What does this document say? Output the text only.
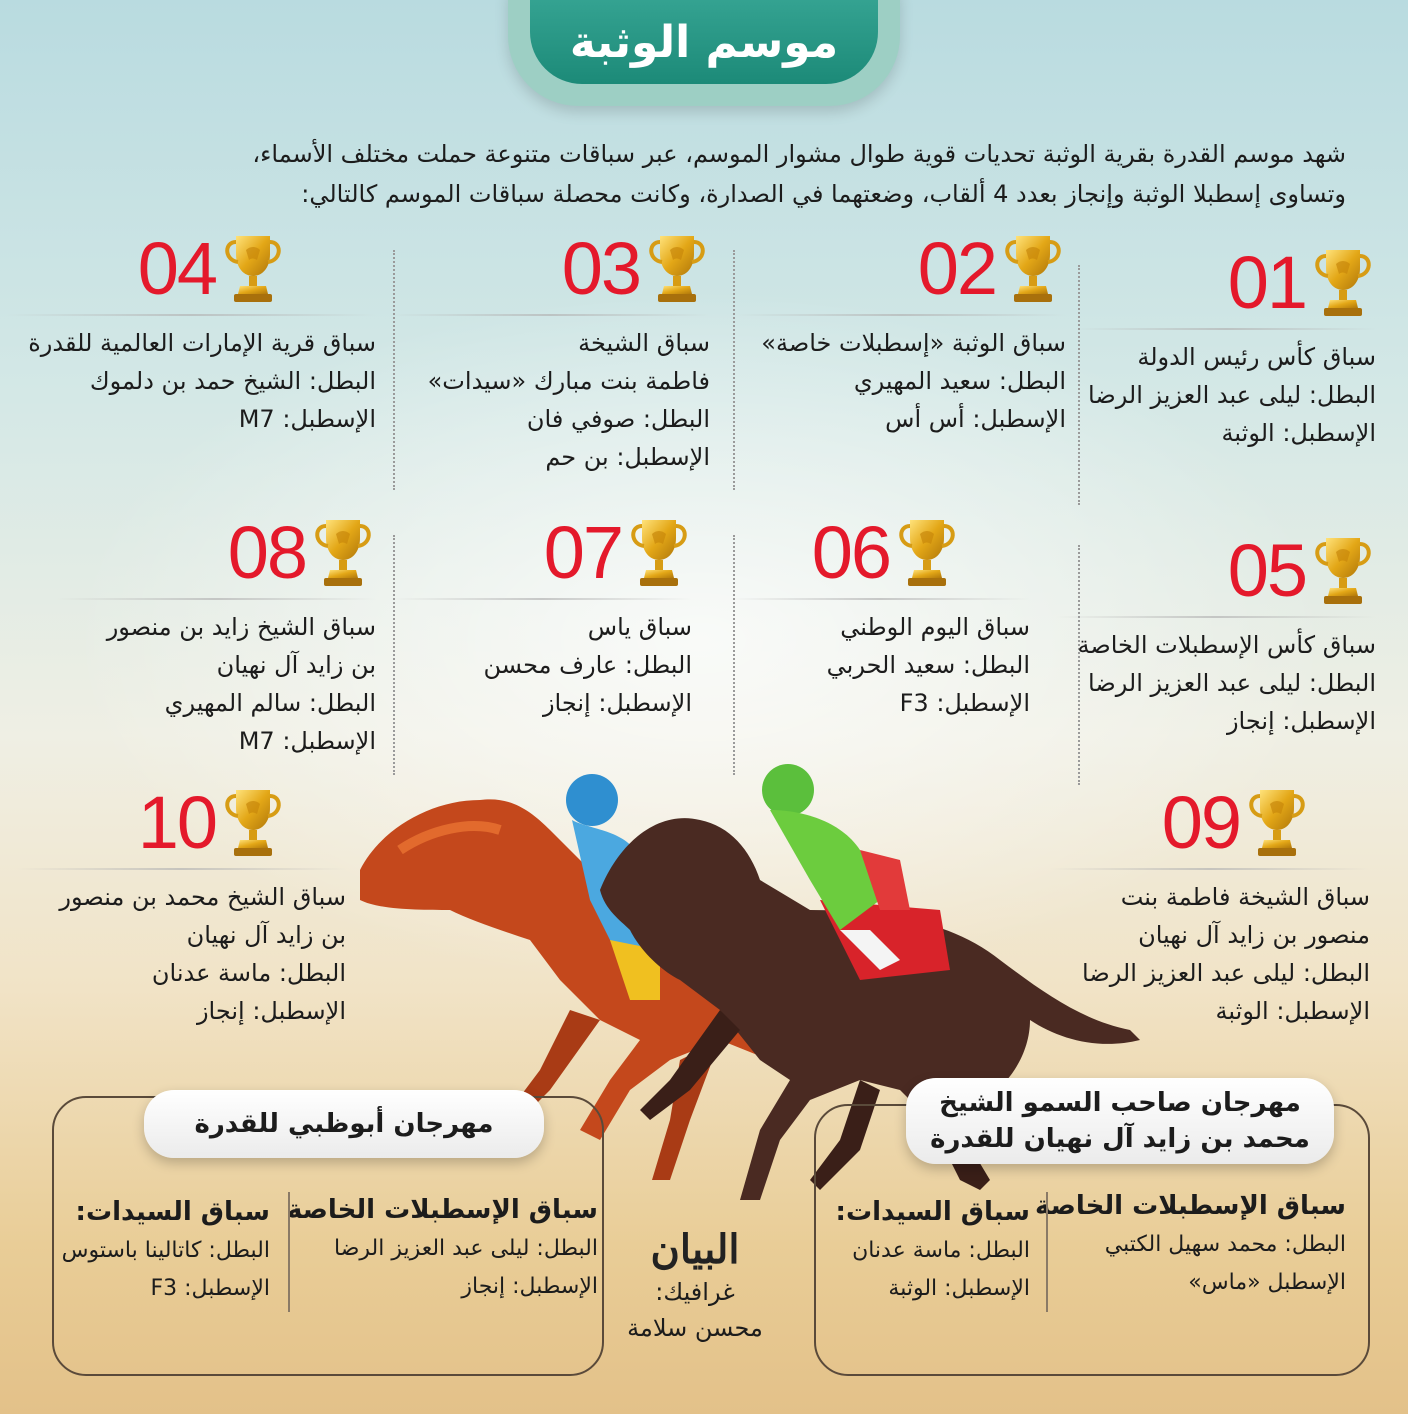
موسم الوثبة
شهد موسم القدرة بقرية الوثبة تحديات قوية طوال مشوار الموسم، عبر سباقات متنوعة حملت مختلف الأسماء،
وتساوى إسطبلا الوثبة وإنجاز بعدد 4 ألقاب، وضعتهما في الصدارة، وكانت محصلة سباقات الموسم كالتالي:
01
سباق كأس رئيس الدولة
البطل: ليلى عبد العزيز الرضا
الإسطبل: الوثبة
02
سباق الوثبة «إسطبلات خاصة»
البطل: سعيد المهيري
الإسطبل: أس أس
03
سباق الشيخة
فاطمة بنت مبارك «سيدات»
البطل: صوفي فان
الإسطبل: بن حم
04
سباق قرية الإمارات العالمية للقدرة
البطل: الشيخ حمد بن دلموك
الإسطبل: M7
05
سباق كأس الإسطبلات الخاصة
البطل: ليلى عبد العزيز الرضا
الإسطبل: إنجاز
06
سباق اليوم الوطني
البطل: سعيد الحربي
الإسطبل: F3
07
سباق ياس
البطل: عارف محسن
الإسطبل: إنجاز
08
سباق الشيخ زايد بن منصور
بن زايد آل نهيان
البطل: سالم المهيري
الإسطبل: M7
09
سباق الشيخة فاطمة بنت
منصور بن زايد آل نهيان
البطل: ليلى عبد العزيز الرضا
الإسطبل: الوثبة
10
سباق الشيخ محمد بن منصور
بن زايد آل نهيان
البطل: ماسة عدنان
الإسطبل: إنجاز
مهرجان أبوظبي للقدرة
سباق الإسطبلات الخاصة
البطل: ليلى عبد العزيز الرضا
الإسطبل: إنجاز
سباق السيدات:
البطل: كاتالينا باستوس
الإسطبل: F3
مهرجان صاحب السمو الشيخ
محمد بن زايد آل نهيان للقدرة
سباق الإسطبلات الخاصة
البطل: محمد سهيل الكتبي
الإسطبل «ماس»
سباق السيدات:
البطل: ماسة عدنان
الإسطبل: الوثبة
البيان
غرافيك:
محسن سلامة
